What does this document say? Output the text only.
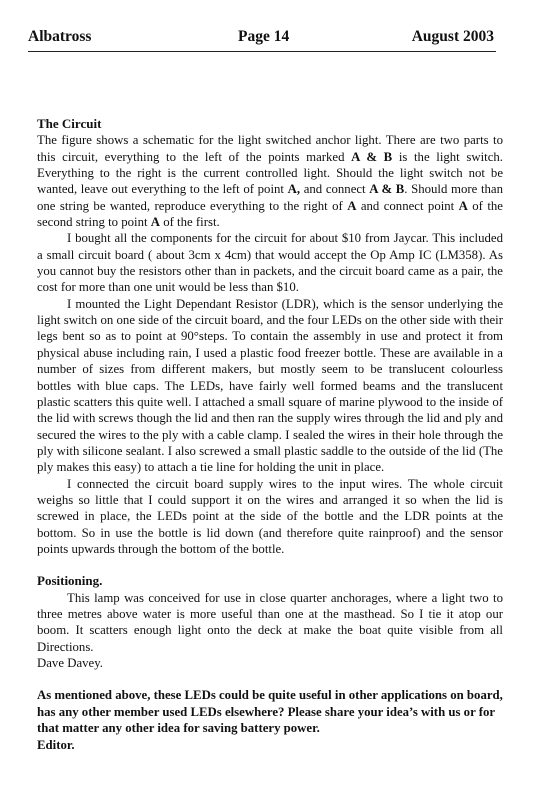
Albatross	Page 14	August 2003
The Circuit

The figure shows a schematic for the light switched anchor light. There are two parts to this circuit, everything to the left of the points marked A & B is the light switch. Everything to the right is the current controlled light. Should the light switch not be wanted, leave out everything to the left of point A, and connect A & B. Should more than one string be wanted, reproduce everything to the right of A and connect point A of the second string to point A of the first.

I bought all the components for the circuit for about $10 from Jaycar. This included a small circuit board ( about 3cm x 4cm) that would accept the Op Amp IC (LM358). As you cannot buy the resistors other than in packets, and the circuit board came as a pair, the cost for more than one unit would be less than $10.

I mounted the Light Dependant Resistor (LDR), which is the sensor underlying the light switch on one side of the circuit board, and the four LEDs on the other side with their legs bent so as to point at 90°steps. To contain the assembly in use and protect it from physical abuse including rain, I used a plastic food freezer bottle. These are available in a number of sizes from different makers, but mostly seem to be translucent colourless bottles with blue caps. The LEDs, have fairly well formed beams and the translucent plastic scatters this quite well. I attached a small square of marine plywood to the inside of the lid with screws though the lid and then ran the supply wires through the lid and ply and secured the wires to the ply with a cable clamp. I sealed the wires in their hole through the ply with silicone sealant. I also screwed a small plastic saddle to the outside of the lid (The ply makes this easy) to attach a tie line for holding the unit in place.

I connected the circuit board supply wires to the input wires. The whole circuit weighs so little that I could support it on the wires and arranged it so when the lid is screwed in place, the LEDs point at the side of the bottle and the LDR points at the bottom. So in use the bottle is lid down (and therefore quite rainproof) and the sensor points upwards through the bottom of the bottle.

Positioning.

This lamp was conceived for use in close quarter anchorages, where a light two to three metres above water is more useful than one at the masthead. So I tie it atop our boom. It scatters enough light onto the deck at make the boat quite visible from all Directions.

Dave Davey.

As mentioned above, these LEDs could be quite useful in other applications on board, has any other member used LEDs elsewhere? Please share your idea’s with us or for that matter any other idea for saving battery power.

Editor.
